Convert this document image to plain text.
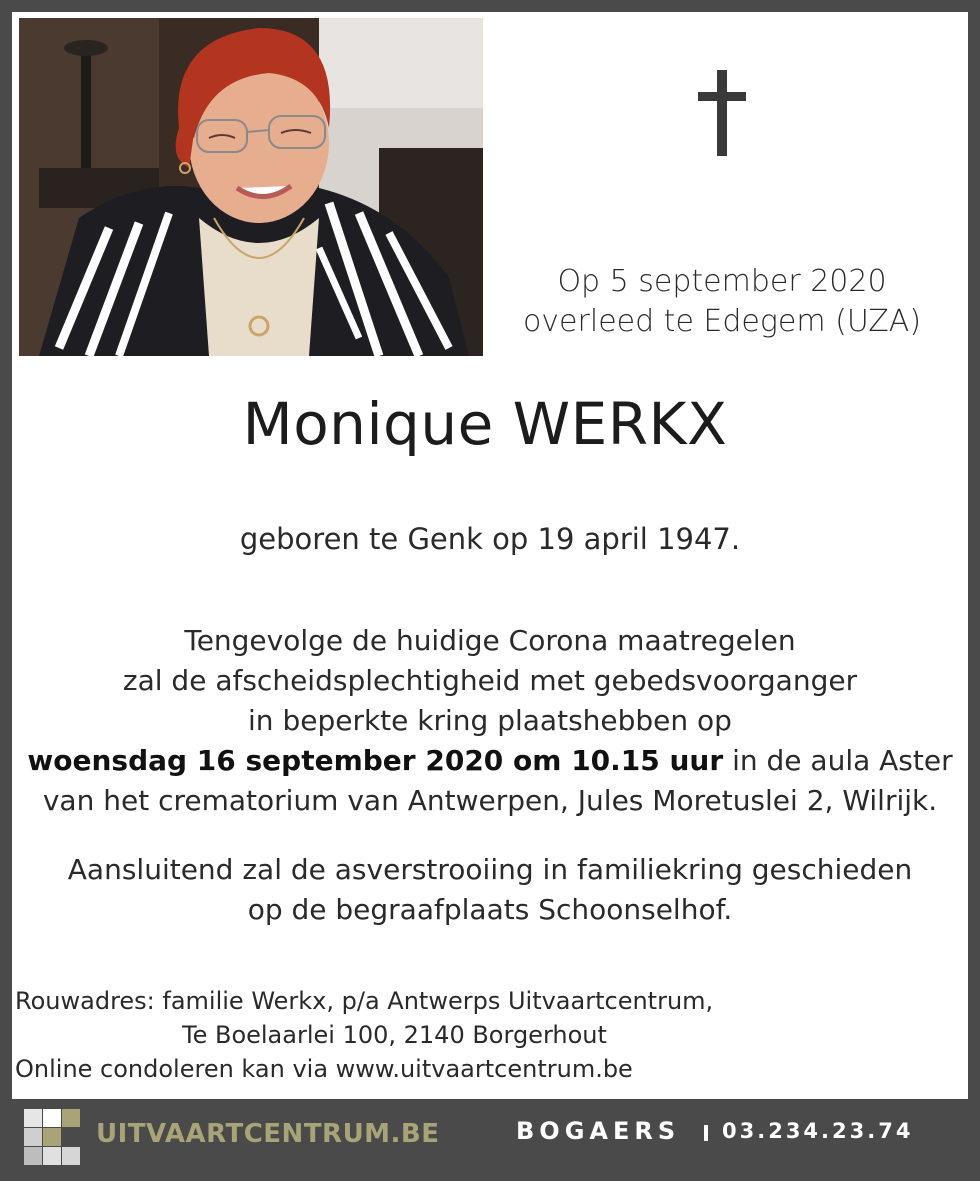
Op 5 september 2020
overleed te Edegem (UZA)
Monique WERKX
geboren te Genk op 19 april 1947.
Tengevolge de huidige Corona maatregelen
zal de afscheidsplechtigheid met gebedsvoorganger
in beperkte kring plaatshebben op
woensdag 16 september 2020 om 10.15 uur in de aula Aster
van het crematorium van Antwerpen, Jules Moretuslei 2, Wilrijk.
Aansluitend zal de asverstrooiing in familiekring geschieden
op de begraafplaats Schoonselhof.
Rouwadres: familie Werkx, p/a Antwerps Uitvaartcentrum,
Te Boelaarlei 100, 2140 Borgerhout
Online condoleren kan via www.uitvaartcentrum.be
UITVAARTCENTRUM.BE	BOGAERS 03.234.23.74
